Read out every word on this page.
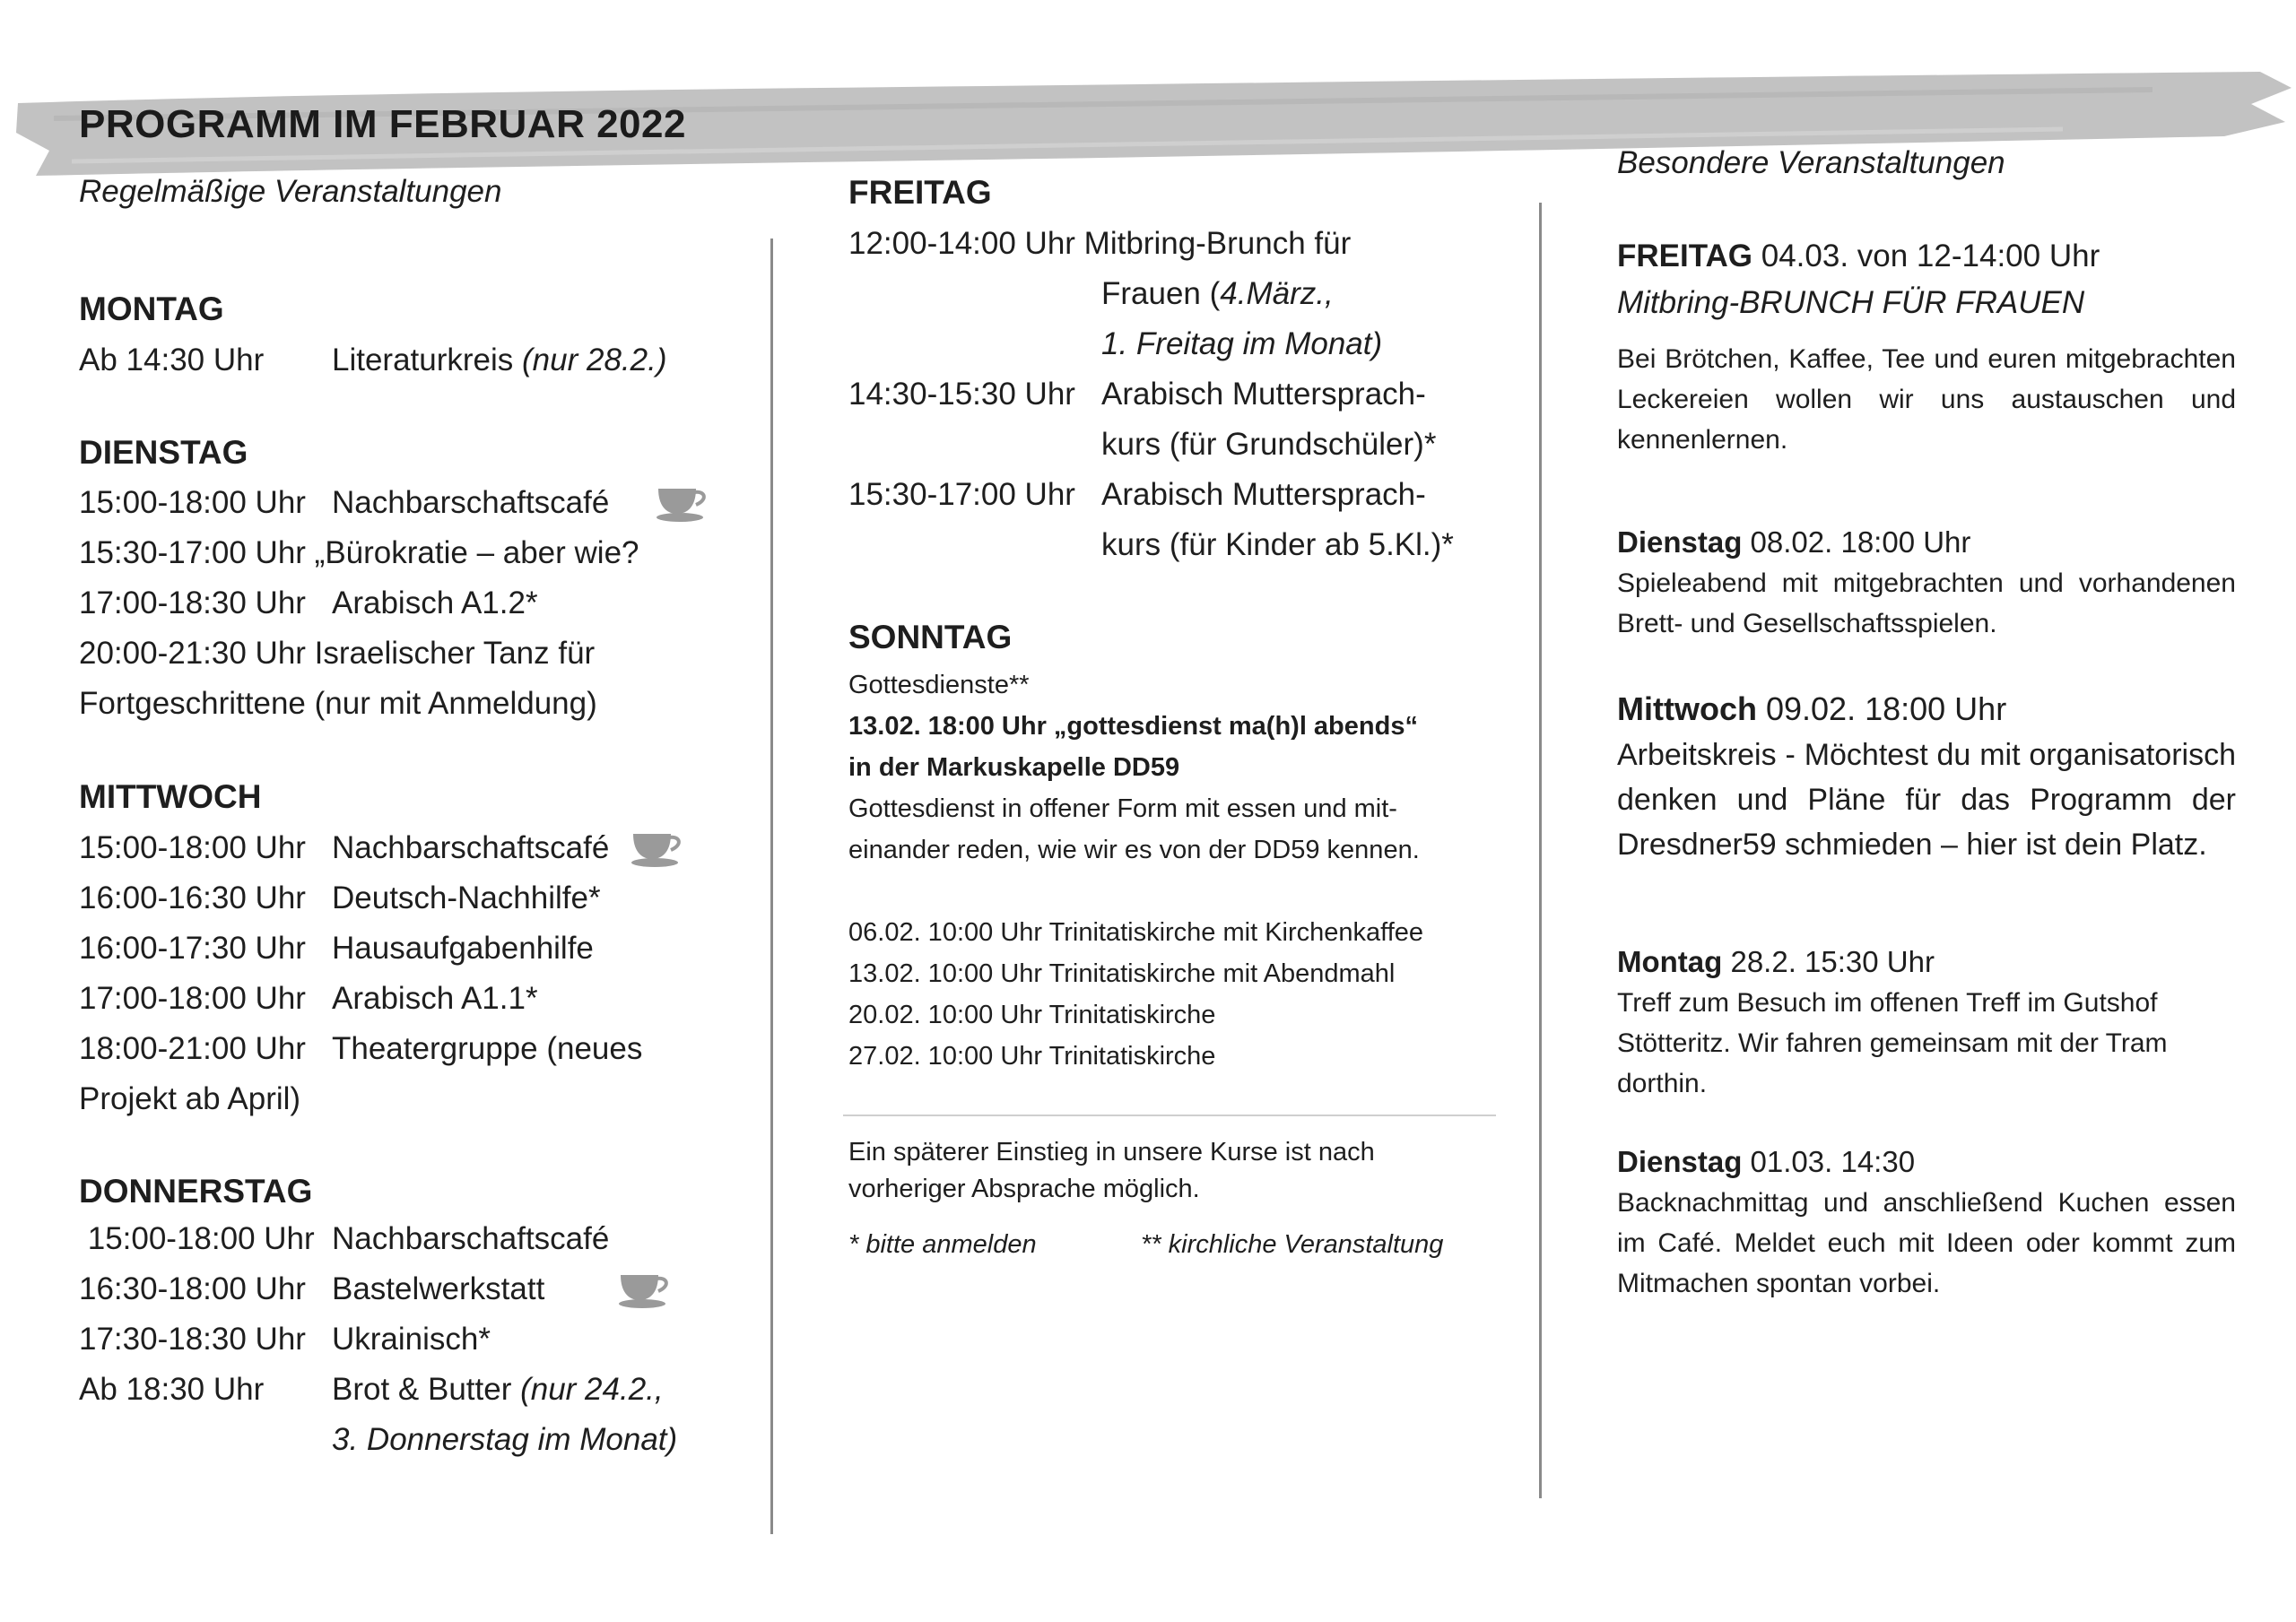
PROGRAMM IM FEBRUAR 2022

Regelmäßige Veranstaltungen

MONTAG

Ab 14:30 Uhr Literaturkreis (nur 28.2.)

DIENSTAG

15:00-18:00 Uhr Nachbarschaftscafé
15:30-17:00 Uhr „Bürokratie – aber wie?
17:00-18:30 Uhr Arabisch A1.2*
20:00-21:30 Uhr Israelischer Tanz für
Fortgeschrittene (nur mit Anmeldung)

MITTWOCH

15:00-18:00 Uhr Nachbarschaftscafé
16:00-16:30 Uhr Deutsch-Nachhilfe*
16:00-17:30 Uhr Hausaufgabenhilfe
17:00-18:00 Uhr Arabisch A1.1*
18:00-21:00 Uhr Theatergruppe (neues
Projekt ab April)

DONNERSTAG

15:00-18:00 Uhr Nachbarschaftscafé
16:30-18:00 Uhr Bastelwerkstatt
17:30-18:30 Uhr Ukrainisch*
Ab 18:30 Uhr Brot & Butter (nur 24.2.,
3. Donnerstag im Monat)

FREITAG

12:00-14:00 Uhr Mitbring-Brunch für
Frauen (4.März.,
1. Freitag im Monat)
14:30-15:30 Uhr Arabisch Muttersprach-
kurs (für Grundschüler)*
15:30-17:00 Uhr Arabisch Muttersprach-
kurs (für Kinder ab 5.Kl.)*

SONNTAG

Gottesdienste**
13.02. 18:00 Uhr „gottesdienst ma(h)l abends“
in der Markuskapelle DD59
Gottesdienst in offener Form mit essen und mit-
einander reden, wie wir es von der DD59 kennen.
06.02. 10:00 Uhr Trinitatiskirche mit Kirchenkaffee
13.02. 10:00 Uhr Trinitatiskirche mit Abendmahl
20.02. 10:00 Uhr Trinitatiskirche
27.02. 10:00 Uhr Trinitatiskirche
Ein späterer Einstieg in unsere Kurse ist nach
vorheriger Absprache möglich.
* bitte anmelden	** kirchliche Veranstaltung

Besondere Veranstaltungen

FREITAG 04.03. von 12-14:00 Uhr

Mitbring-BRUNCH FÜR FRAUEN

Bei Brötchen, Kaffee, Tee und euren mitgebrachten Leckereien wollen wir uns austauschen und kennenlernen.

Dienstag 08.02. 18:00 Uhr

Spieleabend mit mitgebrachten und vorhandenen Brett- und Gesellschaftsspielen.

Mittwoch 09.02. 18:00 Uhr

Arbeitskreis - Möchtest du mit organisatorisch denken und Pläne für das Programm der Dresdner59 schmieden – hier ist dein Platz.

Montag 28.2. 15:30 Uhr

Treff zum Besuch im offenen Treff im Gutshof Stötteritz. Wir fahren gemeinsam mit der Tram dorthin.

Dienstag 01.03. 14:30

Backnachmittag und anschließend Kuchen essen im Café. Meldet euch mit Ideen oder kommt zum Mitmachen spontan vorbei.
